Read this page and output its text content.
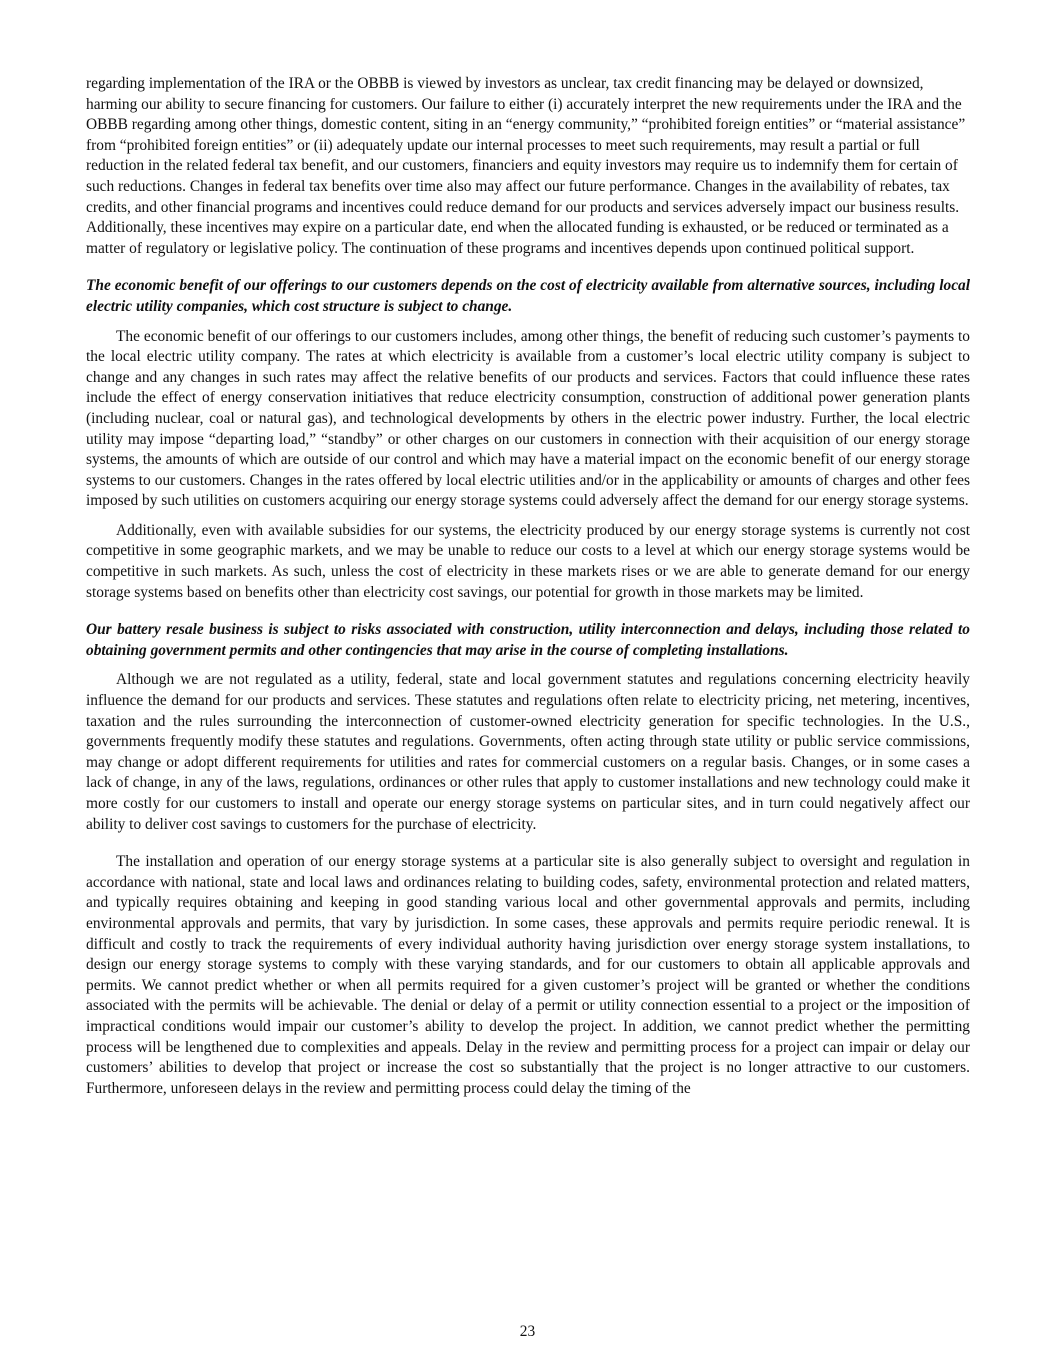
regarding implementation of the IRA or the OBBB is viewed by investors as unclear, tax credit financing may be delayed or downsized, harming our ability to secure financing for customers. Our failure to either (i) accurately interpret the new requirements under the IRA and the OBBB regarding among other things, domestic content, siting in an “energy community,” “prohibited foreign entities” or “material assistance” from “prohibited foreign entities” or (ii) adequately update our internal processes to meet such requirements, may result a partial or full reduction in the related federal tax benefit, and our customers, financiers and equity investors may require us to indemnify them for certain of such reductions. Changes in federal tax benefits over time also may affect our future performance. Changes in the availability of rebates, tax credits, and other financial programs and incentives could reduce demand for our products and services adversely impact our business results. Additionally, these incentives may expire on a particular date, end when the allocated funding is exhausted, or be reduced or terminated as a matter of regulatory or legislative policy. The continuation of these programs and incentives depends upon continued political support.

The economic benefit of our offerings to our customers depends on the cost of electricity available from alternative sources, including local electric utility companies, which cost structure is subject to change.

The economic benefit of our offerings to our customers includes, among other things, the benefit of reducing such customer’s payments to the local electric utility company. The rates at which electricity is available from a customer’s local electric utility company is subject to change and any changes in such rates may affect the relative benefits of our products and services. Factors that could influence these rates include the effect of energy conservation initiatives that reduce electricity consumption, construction of additional power generation plants (including nuclear, coal or natural gas), and technological developments by others in the electric power industry. Further, the local electric utility may impose “departing load,” “standby” or other charges on our customers in connection with their acquisition of our energy storage systems, the amounts of which are outside of our control and which may have a material impact on the economic benefit of our energy storage systems to our customers. Changes in the rates offered by local electric utilities and/or in the applicability or amounts of charges and other fees imposed by such utilities on customers acquiring our energy storage systems could adversely affect the demand for our energy storage systems.

Additionally, even with available subsidies for our systems, the electricity produced by our energy storage systems is currently not cost competitive in some geographic markets, and we may be unable to reduce our costs to a level at which our energy storage systems would be competitive in such markets. As such, unless the cost of electricity in these markets rises or we are able to generate demand for our energy storage systems based on benefits other than electricity cost savings, our potential for growth in those markets may be limited.

Our battery resale business is subject to risks associated with construction, utility interconnection and delays, including those related to obtaining government permits and other contingencies that may arise in the course of completing installations.

Although we are not regulated as a utility, federal, state and local government statutes and regulations concerning electricity heavily influence the demand for our products and services. These statutes and regulations often relate to electricity pricing, net metering, incentives, taxation and the rules surrounding the interconnection of customer-owned electricity generation for specific technologies. In the U.S., governments frequently modify these statutes and regulations. Governments, often acting through state utility or public service commissions, may change or adopt different requirements for utilities and rates for commercial customers on a regular basis. Changes, or in some cases a lack of change, in any of the laws, regulations, ordinances or other rules that apply to customer installations and new technology could make it more costly for our customers to install and operate our energy storage systems on particular sites, and in turn could negatively affect our ability to deliver cost savings to customers for the purchase of electricity.

The installation and operation of our energy storage systems at a particular site is also generally subject to oversight and regulation in accordance with national, state and local laws and ordinances relating to building codes, safety, environmental protection and related matters, and typically requires obtaining and keeping in good standing various local and other governmental approvals and permits, including environmental approvals and permits, that vary by jurisdiction. In some cases, these approvals and permits require periodic renewal. It is difficult and costly to track the requirements of every individual authority having jurisdiction over energy storage system installations, to design our energy storage systems to comply with these varying standards, and for our customers to obtain all applicable approvals and permits. We cannot predict whether or when all permits required for a given customer’s project will be granted or whether the conditions associated with the permits will be achievable. The denial or delay of a permit or utility connection essential to a project or the imposition of impractical conditions would impair our customer’s ability to develop the project. In addition, we cannot predict whether the permitting process will be lengthened due to complexities and appeals. Delay in the review and permitting process for a project can impair or delay our customers’ abilities to develop that project or increase the cost so substantially that the project is no longer attractive to our customers. Furthermore, unforeseen delays in the review and permitting process could delay the timing of the

23
